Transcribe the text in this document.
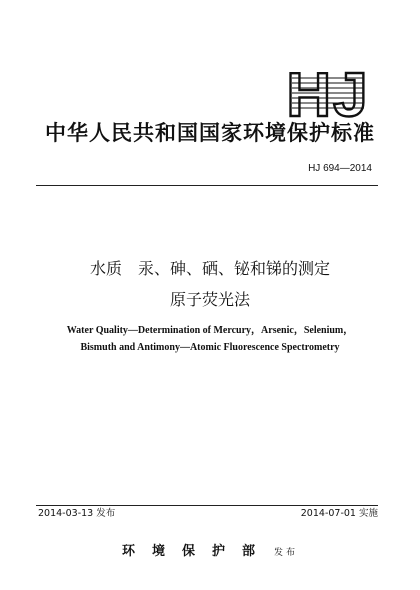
HJ
中华人民共和国国家环境保护标准
HJ 694—2014
水质　汞、砷、硒、铋和锑的测定
原子荧光法
Water Quality—Determination of Mercury，Arsenic，Selenium，
Bismuth and Antimony—Atomic Fluorescence Spectrometry
2014-03-13 发布	2014-07-01 实施
环境保护部 发布
